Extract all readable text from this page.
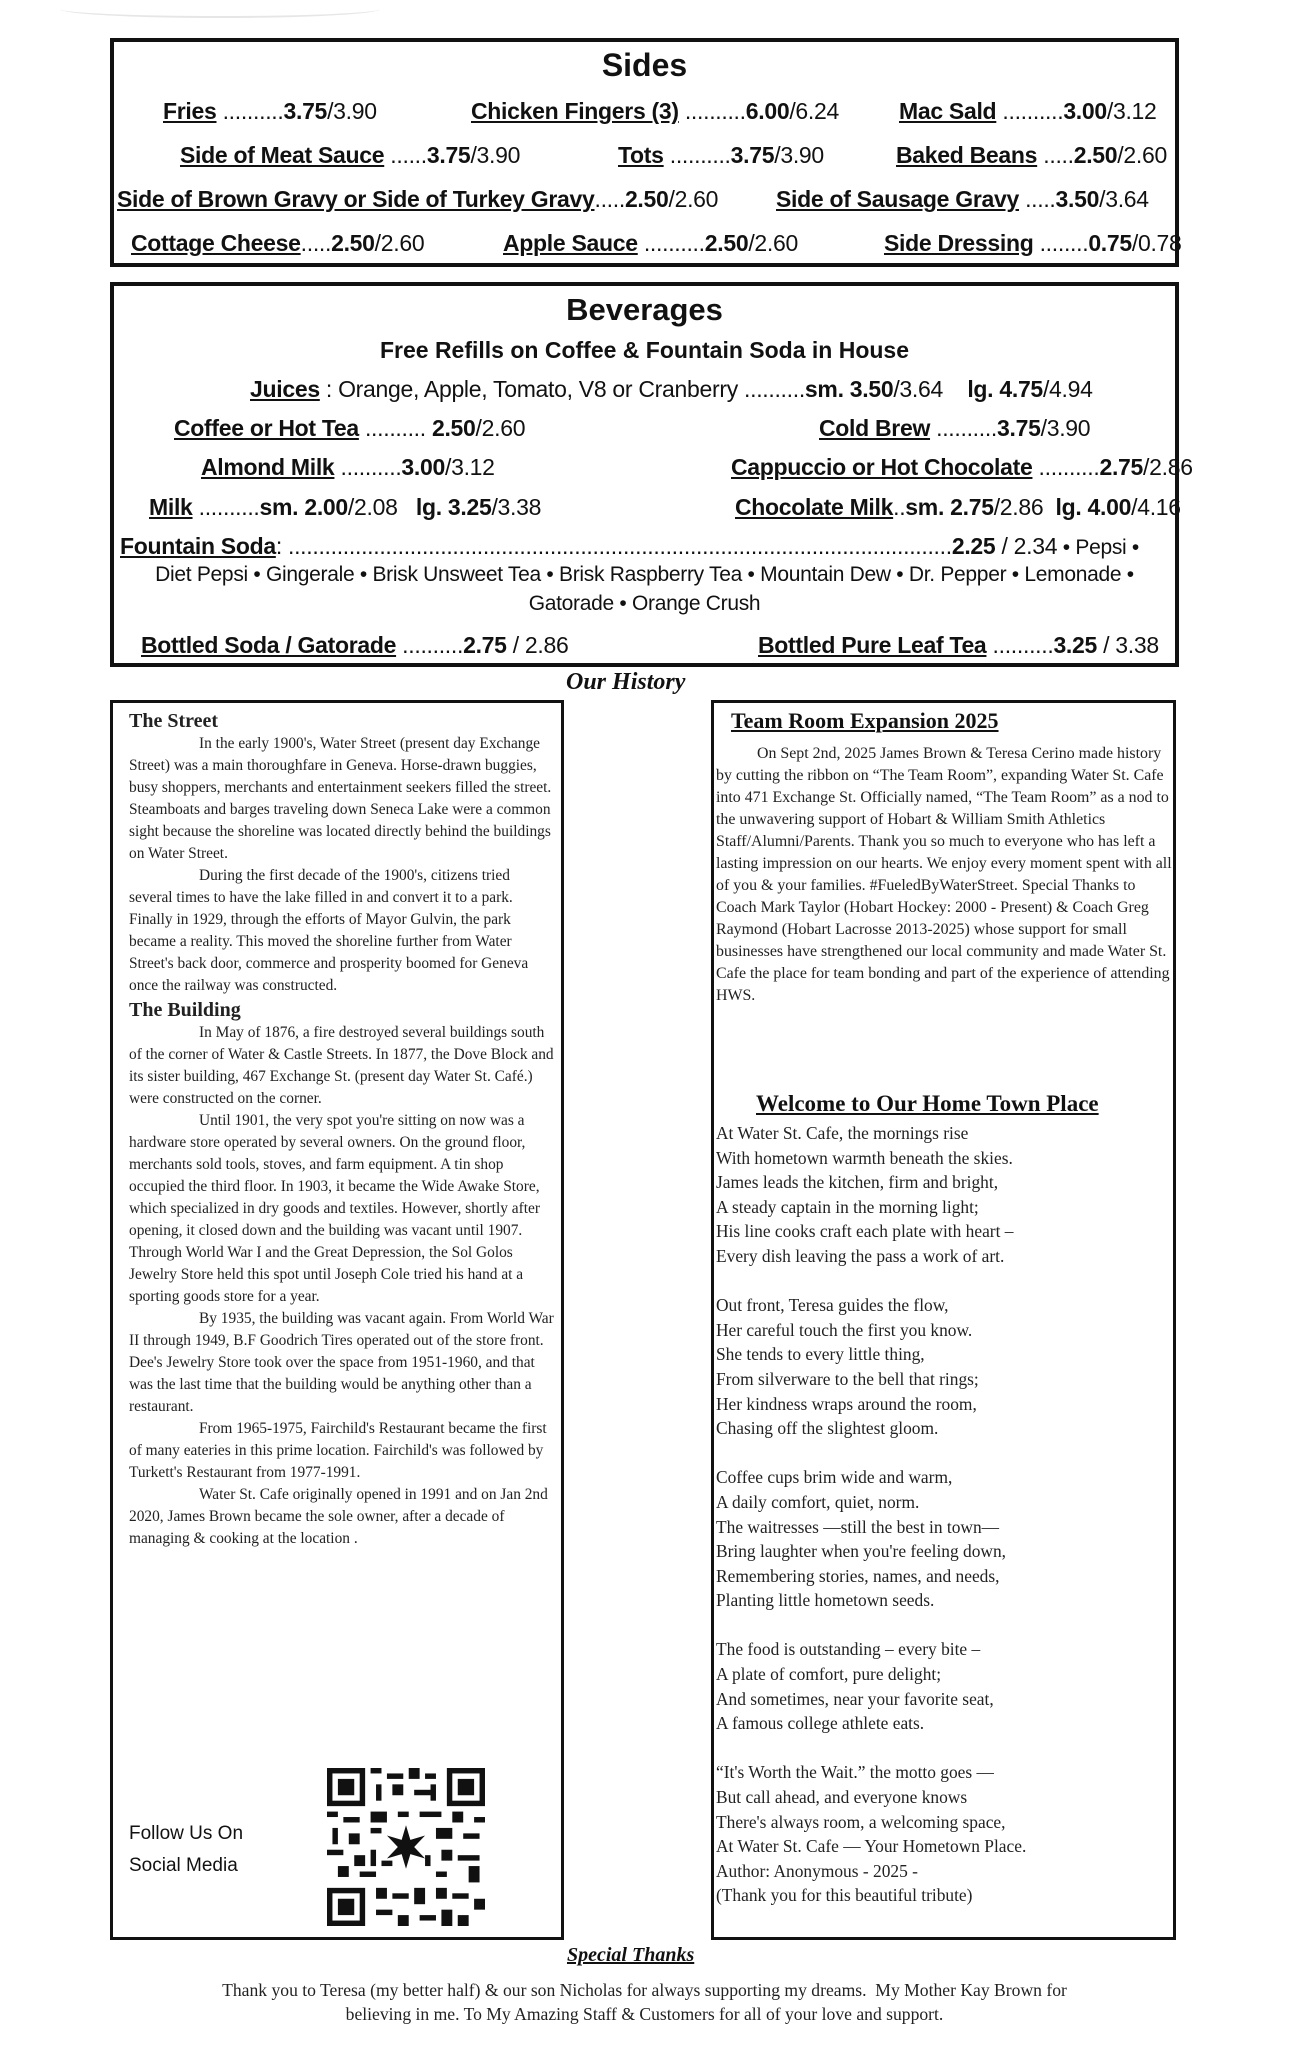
Sides
Fries ..........3.75/3.90	Chicken Fingers (3) ..........6.00/6.24	Mac Sald ..........3.00/3.12
Side of Meat Sauce ......3.75/3.90	Tots ..........3.75/3.90	Baked Beans .....2.50/2.60
Side of Brown Gravy or Side of Turkey Gravy.....2.50/2.60	Side of Sausage Gravy .....3.50/3.64
Cottage Cheese.....2.50/2.60	Apple Sauce ..........2.50/2.60	Side Dressing ........0.75/0.78
Beverages
Free Refills on Coffee & Fountain Soda in House
Juices : Orange, Apple, Tomato, V8 or Cranberry ..........sm. 3.50/3.64 lg. 4.75/4.94
Coffee or Hot Tea .......... 2.50/2.60	Cold Brew ..........3.75/3.90
Almond Milk ..........3.00/3.12	Cappuccio or Hot Chocolate ..........2.75/2.86
Milk ..........sm. 2.00/2.08 lg. 3.25/3.38	Chocolate Milk..sm. 2.75/2.86 lg. 4.00/4.16
Fountain Soda: .............................................................................................................2.25 / 2.34 • Pepsi •
Diet Pepsi • Gingerale • Brisk Unsweet Tea • Brisk Raspberry Tea • Mountain Dew • Dr. Pepper • Lemonade •
Gatorade • Orange Crush
Bottled Soda / Gatorade ..........2.75 / 2.86	Bottled Pure Leaf Tea ..........3.25 / 3.38
Our History
The Street

In the early 1900's, Water Street (present day Exchange Street) was a main thoroughfare in Geneva. Horse-drawn buggies, busy shoppers, merchants and entertainment seekers filled the street. Steamboats and barges traveling down Seneca Lake were a common sight because the shoreline was located directly behind the buildings on Water Street.

During the first decade of the 1900's, citizens tried several times to have the lake filled in and convert it to a park. Finally in 1929, through the efforts of Mayor Gulvin, the park became a reality. This moved the shoreline further from Water Street's back door, commerce and prosperity boomed for Geneva once the railway was constructed.

The Building

In May of 1876, a fire destroyed several buildings south of the corner of Water & Castle Streets. In 1877, the Dove Block and its sister building, 467 Exchange St. (present day Water St. Café.) were constructed on the corner.

Until 1901, the very spot you're sitting on now was a hardware store operated by several owners. On the ground floor, merchants sold tools, stoves, and farm equipment. A tin shop occupied the third floor. In 1903, it became the Wide Awake Store, which specialized in dry goods and textiles. However, shortly after opening, it closed down and the building was vacant until 1907. Through World War I and the Great Depression, the Sol Golos Jewelry Store held this spot until Joseph Cole tried his hand at a sporting goods store for a year.

By 1935, the building was vacant again. From World War II through 1949, B.F Goodrich Tires operated out of the store front. Dee's Jewelry Store took over the space from 1951-1960, and that was the last time that the building would be anything other than a restaurant.

From 1965-1975, Fairchild's Restaurant became the first of many eateries in this prime location. Fairchild's was followed by Turkett's Restaurant from 1977-1991.

Water St. Cafe originally opened in 1991 and on Jan 2nd 2020, James Brown became the sole owner, after a decade of managing & cooking at the location .

Follow Us On
Social Media
Team Room Expansion 2025

On Sept 2nd, 2025 James Brown & Teresa Cerino made history by cutting the ribbon on “The Team Room”, expanding Water St. Cafe into 471 Exchange St. Officially named, “The Team Room” as a nod to the unwavering support of Hobart & William Smith Athletics Staff/Alumni/Parents. Thank you so much to everyone who has left a lasting impression on our hearts. We enjoy every moment spent with all of you & your families. #FueledByWaterStreet. Special Thanks to Coach Mark Taylor (Hobart Hockey: 2000 - Present) & Coach Greg Raymond (Hobart Lacrosse 2013-2025) whose support for small businesses have strengthened our local community and made Water St. Cafe the place for team bonding and part of the experience of attending HWS.

Welcome to Our Home Town Place
At Water St. Cafe, the mornings rise
With hometown warmth beneath the skies.
James leads the kitchen, firm and bright,
A steady captain in the morning light;
His line cooks craft each plate with heart –
Every dish leaving the pass a work of art.
Out front, Teresa guides the flow,
Her careful touch the first you know.
She tends to every little thing,
From silverware to the bell that rings;
Her kindness wraps around the room,
Chasing off the slightest gloom.
Coffee cups brim wide and warm,
A daily comfort, quiet, norm.
The waitresses —still the best in town—
Bring laughter when you're feeling down,
Remembering stories, names, and needs,
Planting little hometown seeds.
The food is outstanding – every bite –
A plate of comfort, pure delight;
And sometimes, near your favorite seat,
A famous college athlete eats.
“It's Worth the Wait.” the motto goes —
But call ahead, and everyone knows
There's always room, a welcoming space,
At Water St. Cafe — Your Hometown Place.
Author: Anonymous - 2025 -
(Thank you for this beautiful tribute)
Special Thanks
Thank you to Teresa (my better half) & our son Nicholas for always supporting my dreams.  My Mother Kay Brown for
believing in me. To My Amazing Staff & Customers for all of your love and support.
